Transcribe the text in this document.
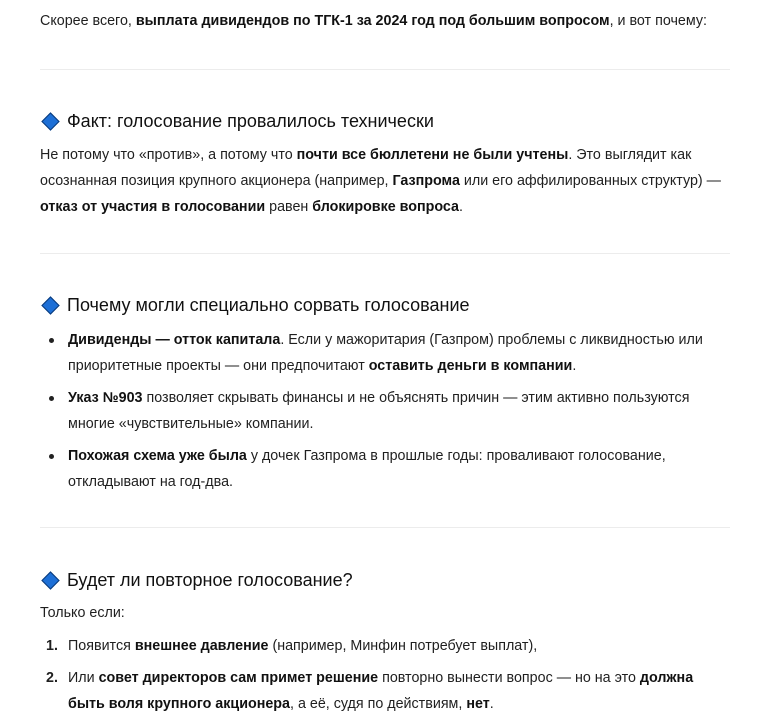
Скорее всего, выплата дивидендов по ТГК-1 за 2024 год под большим вопросом, и вот почему:

Факт: голосование провалилось технически

Не потому что «против», а потому что почти все бюллетени не были учтены. Это выглядит как осознанная позиция крупного акционера (например, Газпрома или его аффилированных структур) — отказ от участия в голосовании равен блокировке вопроса.

Почему могли специально сорвать голосование
Дивиденды — отток капитала. Если у мажоритария (Газпром) проблемы с ликвидностью или приоритетные проекты — они предпочитают оставить деньги в компании.
Указ №903 позволяет скрывать финансы и не объяснять причин — этим активно пользуются многие «чувствительные» компании.
Похожая схема уже была у дочек Газпрома в прошлые годы: проваливают голосование, откладывают на год-два.
Будет ли повторное голосование?

Только если:

1. Появится внешнее давление (например, Минфин потребует выплат),
2. Или совет директоров сам примет решение повторно вынести вопрос — но на это должна быть воля крупного акционера, а её, судя по действиям, нет.
